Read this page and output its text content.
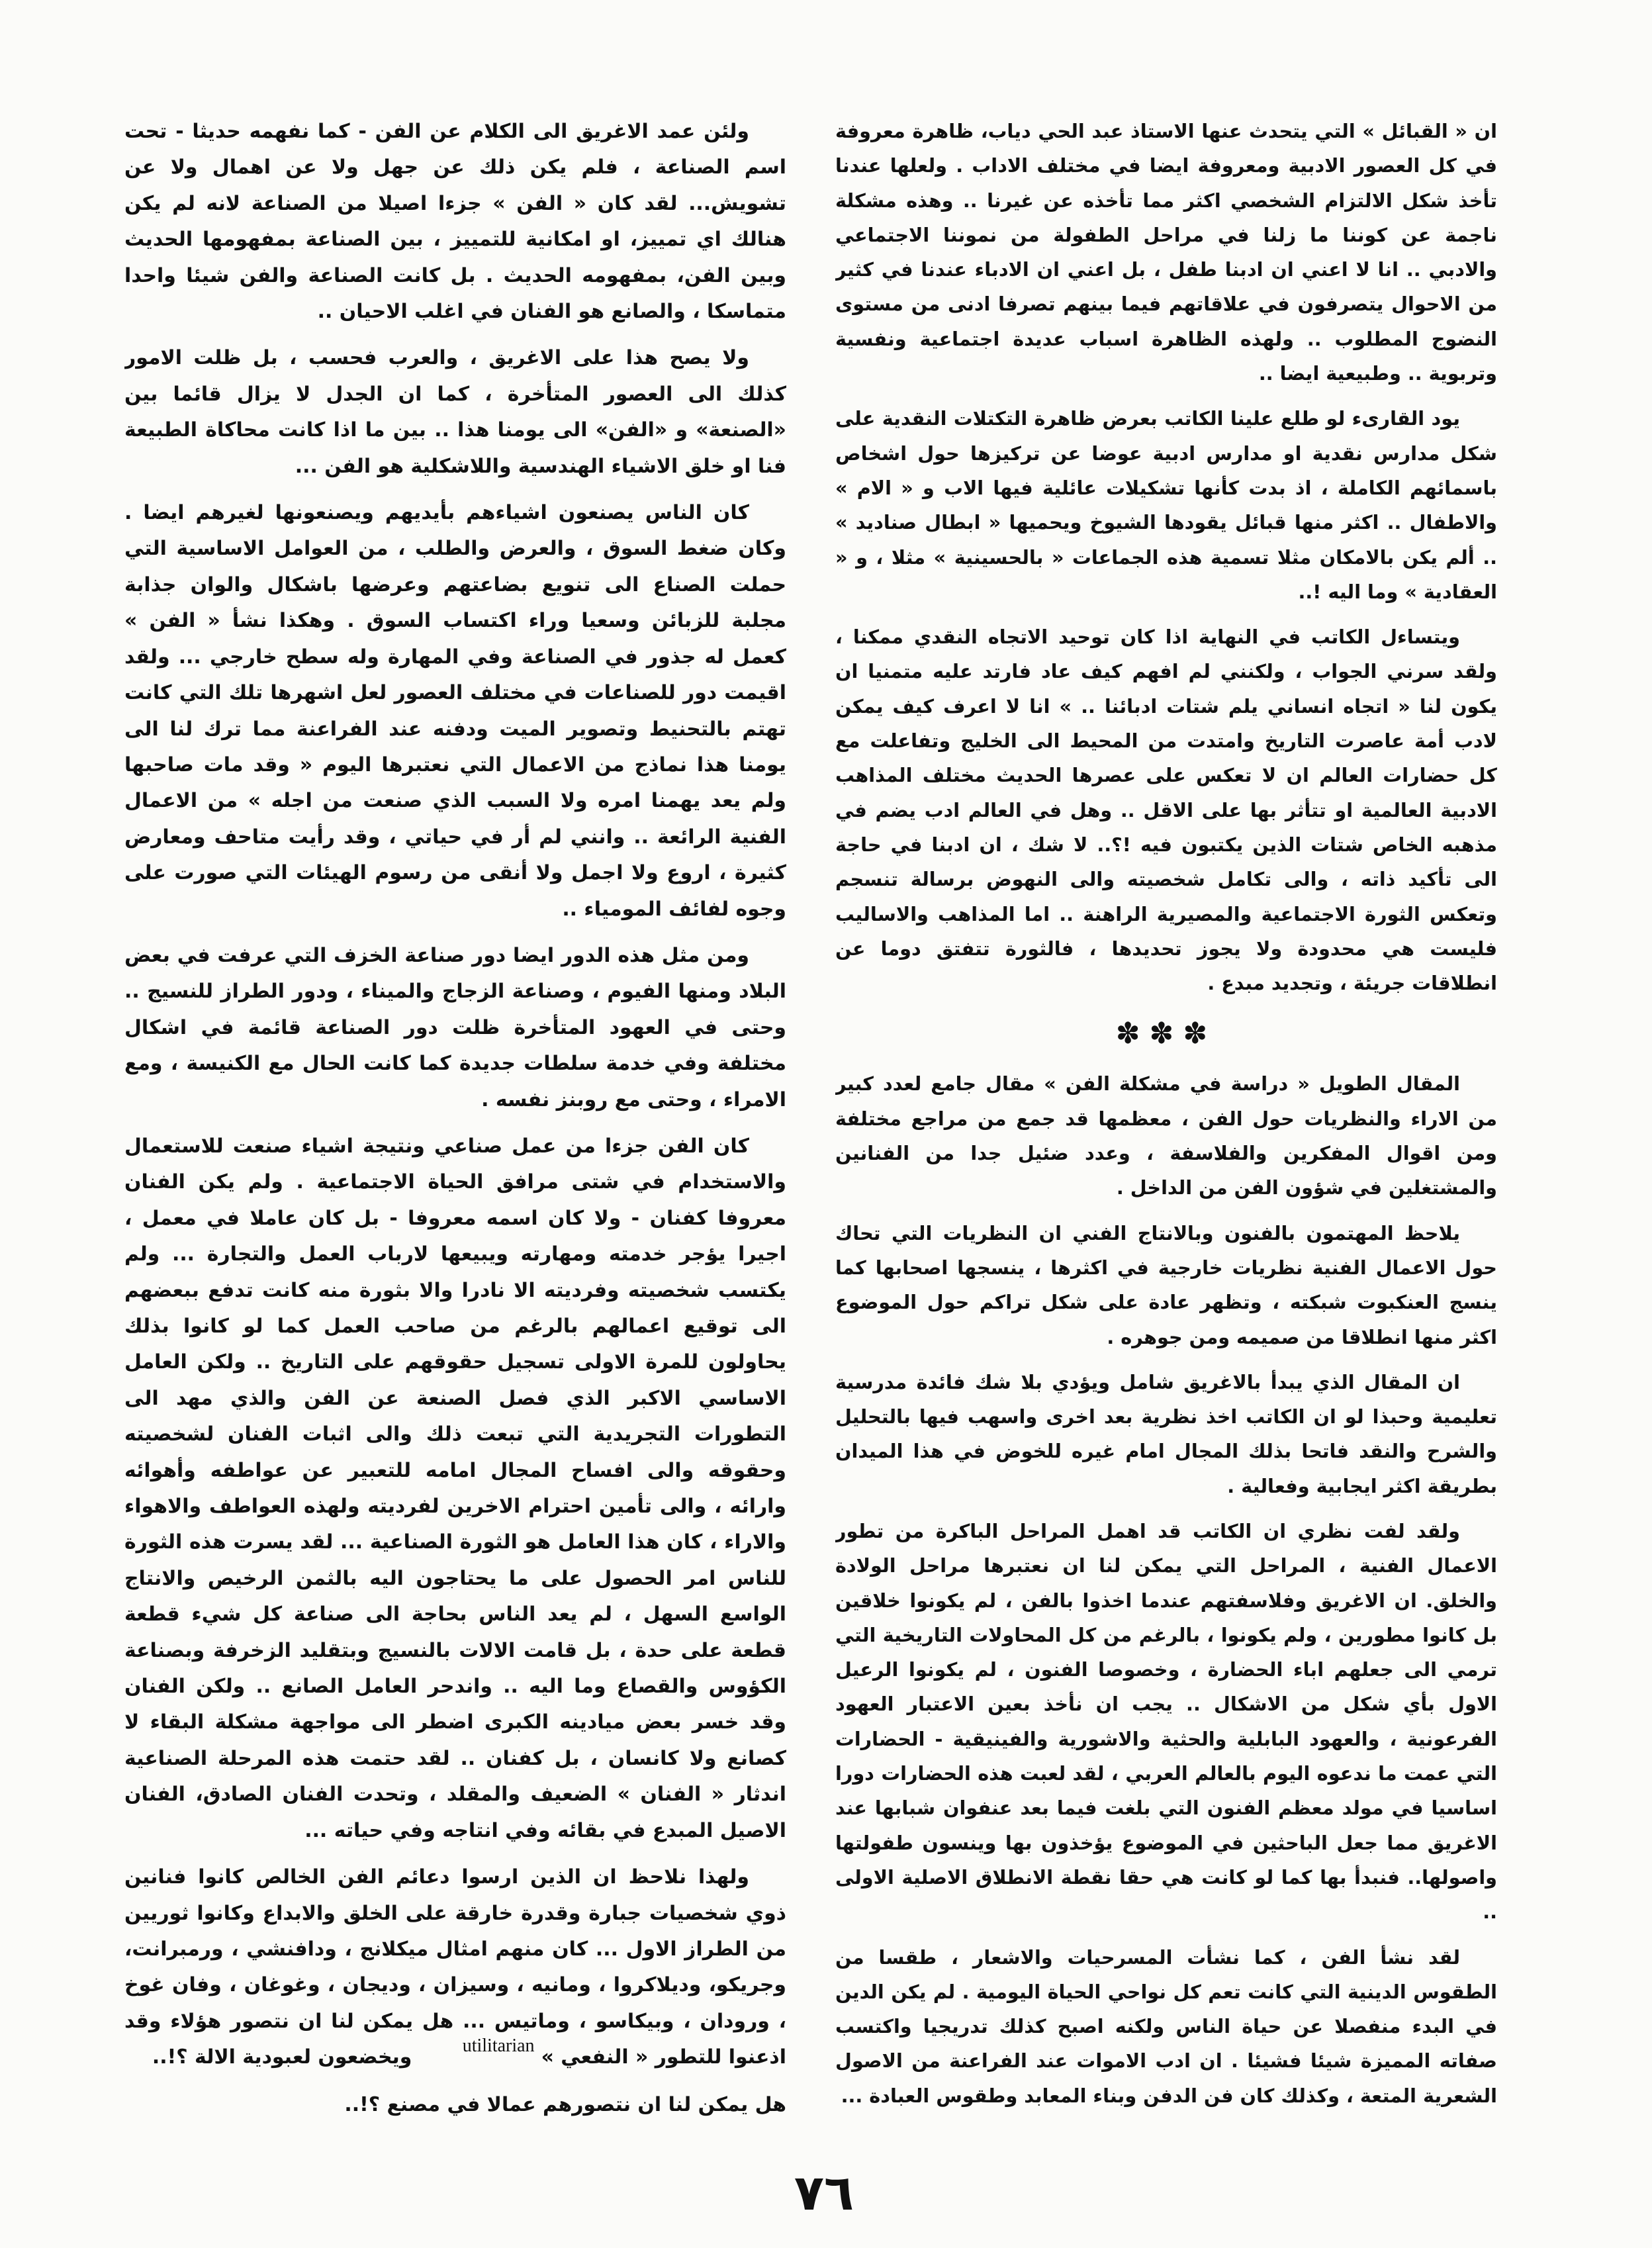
ان « القبائل » التي يتحدث عنها الاستاذ عبد الحي دياب، ظاهرة معروفة في كل العصور الادبية ومعروفة ايضا في مختلف الاداب . ولعلها عندنا تأخذ شكل الالتزام الشخصي اكثر مما تأخذه عن غيرنا .. وهذه مشكلة ناجمة عن كوننا ما زلنا في مراحل الطفولة من نموننا الاجتماعي والادبي .. انا لا اعني ان ادبنا طفل ، بل اعني ان الادباء عندنا في كثير من الاحوال يتصرفون في علاقاتهم فيما بينهم تصرفا ادنى من مستوى النضوج المطلوب .. ولهذه الظاهرة اسباب عديدة اجتماعية ونفسية وتربوية .. وطبيعية ايضا ..

يود القارىء لو طلع علينا الكاتب بعرض ظاهرة التكتلات النقدية على شكل مدارس نقدية او مدارس ادبية عوضا عن تركيزها حول اشخاص باسمائهم الكاملة ، اذ بدت كأنها تشكيلات عائلية فيها الاب و « الام » والاطفال .. اكثر منها قبائل يقودها الشيوخ ويحميها « ابطال صناديد » .. ألم يكن بالامكان مثلا تسمية هذه الجماعات « بالحسينية » مثلا ، و « العقادية » وما اليه !..

ويتساءل الكاتب في النهاية اذا كان توحيد الاتجاه النقدي ممكنا ، ولقد سرني الجواب ، ولكنني لم افهم كيف عاد فارتد عليه متمنيا ان يكون لنا « اتجاه انساني يلم شتات ادبائنا .. » انا لا اعرف كيف يمكن لادب أمة عاصرت التاريخ وامتدت من المحيط الى الخليج وتفاعلت مع كل حضارات العالم ان لا تعكس على عصرها الحديث مختلف المذاهب الادبية العالمية او تتأثر بها على الاقل .. وهل في العالم ادب يضم في مذهبه الخاص شتات الذين يكتبون فيه !؟.. لا شك ، ان ادبنا في حاجة الى تأكيد ذاته ، والى تكامل شخصيته والى النهوض برسالة تنسجم وتعكس الثورة الاجتماعية والمصيرية الراهنة .. اما المذاهب والاساليب فليست هي محدودة ولا يجوز تحديدها ، فالثورة تتفتق دوما عن انطلاقات جريئة ، وتجديد مبدع .

✽✽✽

المقال الطويل « دراسة في مشكلة الفن » مقال جامع لعدد كبير من الاراء والنظريات حول الفن ، معظمها قد جمع من مراجع مختلفة ومن اقوال المفكرين والفلاسفة ، وعدد ضئيل جدا من الفنانين والمشتغلين في شؤون الفن من الداخل .

يلاحظ المهتمون بالفنون وبالانتاج الفني ان النظريات التي تحاك حول الاعمال الفنية نظريات خارجية في اكثرها ، ينسجها اصحابها كما ينسج العنكبوت شبكته ، وتظهر عادة على شكل تراكم حول الموضوع اكثر منها انطلاقا من صميمه ومن جوهره .

ان المقال الذي يبدأ بالاغريق شامل ويؤدي بلا شك فائدة مدرسية تعليمية وحبذا لو ان الكاتب اخذ نظرية بعد اخرى واسهب فيها بالتحليل والشرح والنقد فاتحا بذلك المجال امام غيره للخوض في هذا الميدان بطريقة اكثر ايجابية وفعالية .

ولقد لفت نظري ان الكاتب قد اهمل المراحل الباكرة من تطور الاعمال الفنية ، المراحل التي يمكن لنا ان نعتبرها مراحل الولادة والخلق. ان الاغريق وفلاسفتهم عندما اخذوا بالفن ، لم يكونوا خلاقين بل كانوا مطورين ، ولم يكونوا ، بالرغم من كل المحاولات التاريخية التي ترمي الى جعلهم اباء الحضارة ، وخصوصا الفنون ، لم يكونوا الرعيل الاول بأي شكل من الاشكال .. يجب ان نأخذ بعين الاعتبار العهود الفرعونية ، والعهود البابلية والحثية والاشورية والفينيقية - الحضارات التي عمت ما ندعوه اليوم بالعالم العربي ، لقد لعبت هذه الحضارات دورا اساسيا في مولد معظم الفنون التي بلغت فيما بعد عنفوان شبابها عند الاغريق مما جعل الباحثين في الموضوع يؤخذون بها وينسون طفولتها واصولها.. فنبدأ بها كما لو كانت هي حقا نقطة الانطلاق الاصلية الاولى ..

لقد نشأ الفن ، كما نشأت المسرحيات والاشعار ، طقسا من الطقوس الدينية التي كانت تعم كل نواحي الحياة اليومية . لم يكن الدين في البدء منفصلا عن حياة الناس ولكنه اصبح كذلك تدريجيا واكتسب صفاته المميزة شيئا فشيئا . ان ادب الاموات عند الفراعنة من الاصول الشعرية المتعة ، وكذلك كان فن الدفن وبناء المعابد وطقوس العبادة ...

ولئن عمد الاغريق الى الكلام عن الفن - كما نفهمه حديثا - تحت اسم الصناعة ، فلم يكن ذلك عن جهل ولا عن اهمال ولا عن تشويش... لقد كان « الفن » جزءا اصيلا من الصناعة لانه لم يكن هنالك اي تمييز، او امكانية للتمييز ، بين الصناعة بمفهومها الحديث وبين الفن، بمفهومه الحديث . بل كانت الصناعة والفن شيئا واحدا متماسكا ، والصانع هو الفنان في اغلب الاحيان ..

ولا يصح هذا على الاغريق ، والعرب فحسب ، بل ظلت الامور كذلك الى العصور المتأخرة ، كما ان الجدل لا يزال قائما بين «الصنعة» و «الفن» الى يومنا هذا .. بين ما اذا كانت محاكاة الطبيعة فنا او خلق الاشياء الهندسية واللاشكلية هو الفن ...

كان الناس يصنعون اشياءهم بأيديهم ويصنعونها لغيرهم ايضا . وكان ضغط السوق ، والعرض والطلب ، من العوامل الاساسية التي حملت الصناع الى تنويع بضاعتهم وعرضها باشكال والوان جذابة مجلبة للزبائن وسعيا وراء اكتساب السوق . وهكذا نشأ « الفن » كعمل له جذور في الصناعة وفي المهارة وله سطح خارجي ... ولقد اقيمت دور للصناعات في مختلف العصور لعل اشهرها تلك التي كانت تهتم بالتحنيط وتصوير الميت ودفنه عند الفراعنة مما ترك لنا الى يومنا هذا نماذج من الاعمال التي نعتبرها اليوم « وقد مات صاحبها ولم يعد يهمنا امره ولا السبب الذي صنعت من اجله » من الاعمال الفنية الرائعة .. وانني لم أر في حياتي ، وقد رأيت متاحف ومعارض كثيرة ، اروع ولا اجمل ولا أنقى من رسوم الهيئات التي صورت على وجوه لفائف المومياء ..

ومن مثل هذه الدور ايضا دور صناعة الخزف التي عرفت في بعض البلاد ومنها الفيوم ، وصناعة الزجاج والميناء ، ودور الطراز للنسيج .. وحتى في العهود المتأخرة ظلت دور الصناعة قائمة في اشكال مختلفة وفي خدمة سلطات جديدة كما كانت الحال مع الكنيسة ، ومع الامراء ، وحتى مع روبنز نفسه .

كان الفن جزءا من عمل صناعي ونتيجة اشياء صنعت للاستعمال والاستخدام في شتى مرافق الحياة الاجتماعية . ولم يكن الفنان معروفا كفنان - ولا كان اسمه معروفا - بل كان عاملا في معمل ، اجيرا يؤجر خدمته ومهارته ويبيعها لارباب العمل والتجارة ... ولم يكتسب شخصيته وفرديته الا نادرا والا بثورة منه كانت تدفع ببعضهم الى توقيع اعمالهم بالرغم من صاحب العمل كما لو كانوا بذلك يحاولون للمرة الاولى تسجيل حقوقهم على التاريخ .. ولكن العامل الاساسي الاكبر الذي فصل الصنعة عن الفن والذي مهد الى التطورات التجريدية التي تبعت ذلك والى اثبات الفنان لشخصيته وحقوقه والى افساح المجال امامه للتعبير عن عواطفه وأهوائه وارائه ، والى تأمين احترام الاخرين لفرديته ولهذه العواطف والاهواء والاراء ، كان هذا العامل هو الثورة الصناعية ... لقد يسرت هذه الثورة للناس امر الحصول على ما يحتاجون اليه بالثمن الرخيص والانتاج الواسع السهل ، لم يعد الناس بحاجة الى صناعة كل شيء قطعة قطعة على حدة ، بل قامت الالات بالنسيج وبتقليد الزخرفة وبصناعة الكؤوس والقصاع وما اليه .. واندحر العامل الصانع .. ولكن الفنان وقد خسر بعض ميادينه الكبرى اضطر الى مواجهة مشكلة البقاء لا كصانع ولا كانسان ، بل كفنان .. لقد حتمت هذه المرحلة الصناعية اندثار « الفنان » الضعيف والمقلد ، وتحدت الفنان الصادق، الفنان الاصيل المبدع في بقائه وفي انتاجه وفي حياته ...

ولهذا نلاحظ ان الذين ارسوا دعائم الفن الخالص كانوا فنانين ذوي شخصيات جبارة وقدرة خارقة على الخلق والابداع وكانوا ثوريين من الطراز الاول ... كان منهم امثال ميكلانج ، ودافنشي ، ورمبرانت، وجريكو، وديلاكروا ، ومانيه ، وسيزان ، وديجان ، وغوغان ، وفان غوخ ، ورودان ، وبيكاسو ، وماتيس ... هل يمكن لنا ان نتصور هؤلاء وقد اذعنوا للتطور « النفعي »utilitarian ويخضعون لعبودية الالة ؟!..

هل يمكن لنا ان نتصورهم عمالا في مصنع ؟!..

٧٦
